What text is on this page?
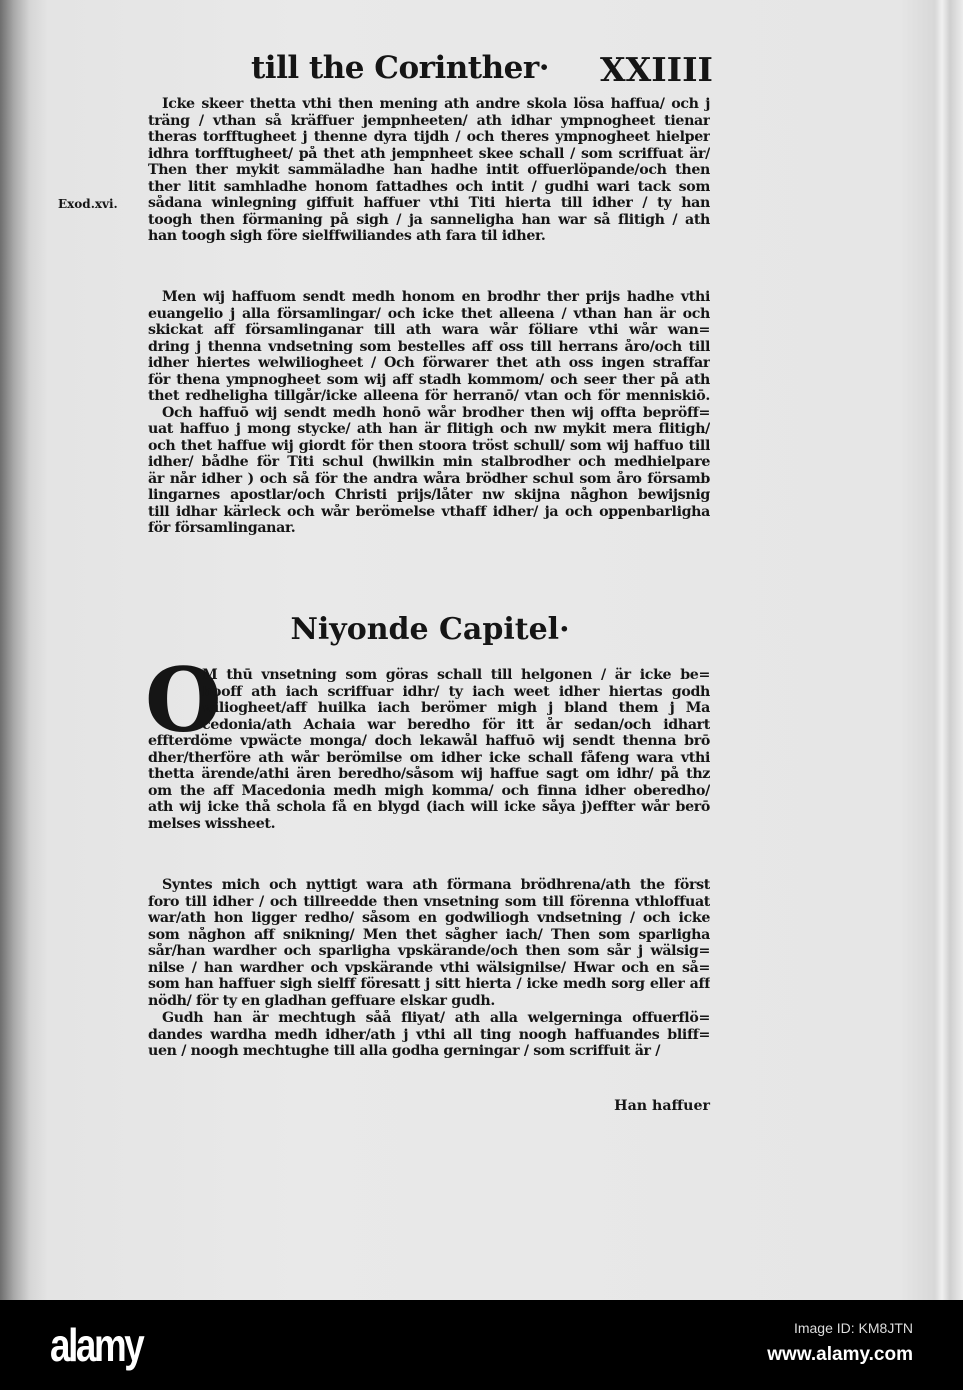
till the Corinther· XXIIII
Exod.xvi.
Icke skeer thetta vthi then mening ath andre skola lösa haffua/ och j
träng / vthan så kräffuer jempnheeten/ ath idhar ympnogheet tienar
theras torfftugheet j thenne dyra tijdh / och theres ympnogheet hielper
idhra torfftugheet/ på thet ath jempnheet skee schall / som scriffuat är/
Then ther mykit sammäladhe han hadhe intit offuerlöpande/och then
ther litit samhladhe honom fattadhes och intit / gudhi wari tack som
sådana winlegning giffuit haffuer vthi Titi hierta till idher / ty han
toogh then förmaning på sigh / ja sanneligha han war så flitigh / ath
han toogh sigh före sielffwiliandes ath fara til idher.
Men wij haffuom sendt medh honom en brodhr ther prijs hadhe vthi
euangelio j alla församlingar/ och icke thet alleena / vthan han är och
skickat aff församlinganar till ath wara wår föliare vthi wår wan=
dring j thenna vndsetning som bestelles aff oss till herrans åro/och till
idher hiertes welwiliogheet / Och förwarer thet ath oss ingen straffar
för thena ympnogheet som wij aff stadh kommom/ och seer ther på ath
thet redheligha tillgår/icke alleena för herranō/ vtan och för menniskiō.
Och haffuō wij sendt medh honō wår brodher then wij offta bepröff=
uat haffuo j mong stycke/ ath han är flitigh och nw mykit mera flitigh/
och thet haffue wij giordt för then stoora tröst schull/ som wij haffuo till
idher/ bådhe för Titi schul (hwilkin min stalbrodher och medhielpare
är når idher ) och så för the andra wåra brödher schul som åro församb
lingarnes apostlar/och Christi prijs/låter nw skijna någhon bewijsnig
till idhar kärleck och wår berömelse vthaff idher/ ja och oppenbarligha
för församlinganar.
Niyonde Capitel·
O
M thū vnsetning som göras schall till helgonen / är icke be=
hooff ath iach scriffuar idhr/ ty iach weet idher hiertas godh
wiliogheet/aff huilka iach berömer migh j bland them j Ma
cedonia/ath Achaia war beredho för itt år sedan/och idhart
effterdöme vpwäcte monga/ doch lekawål haffuō wij sendt thenna brō
dher/therföre ath wår berömilse om idher icke schall fåfeng wara vthi
thetta ärende/athi ären beredho/såsom wij haffue sagt om idhr/ på thz
om the aff Macedonia medh migh komma/ och finna idher oberedho/
ath wij icke thå schola få en blygd (iach will icke såya j)effter wår berō
melses wisshеet.
Syntes mich och nyttigt wara ath förmana brödhrena/ath the först
foro till idher / och tillreedde then vnsetning som till förenna vthloffuat
war/ath hon ligger redho/ såsom en godwiliogh vndsetning / och icke
som någhon aff snikning/ Men thet sågher iach/ Then som sparligha
sår/han wardher och sparligha vpskärande/och then som sår j wälsig=
nilse / han wardher och vpskärande vthi wälsignilse/ Hwar och en så=
som han haffuer sigh sielff föresatt j sitt hierta / icke medh sorg eller aff
nödh/ för ty en gladhan geffuare elskar gudh.
Gudh han är mechtugh såå fliyat/ ath alla welgerninga offuerflö=
dandes wardha medh idher/ath j vthi all ting noogh haffuandes bliff=
uen / noogh mechtughe till alla godha gerningar / som scriffuit är /
Han haffuer
alamy	Image ID: KM8JTN
www.alamy.com
